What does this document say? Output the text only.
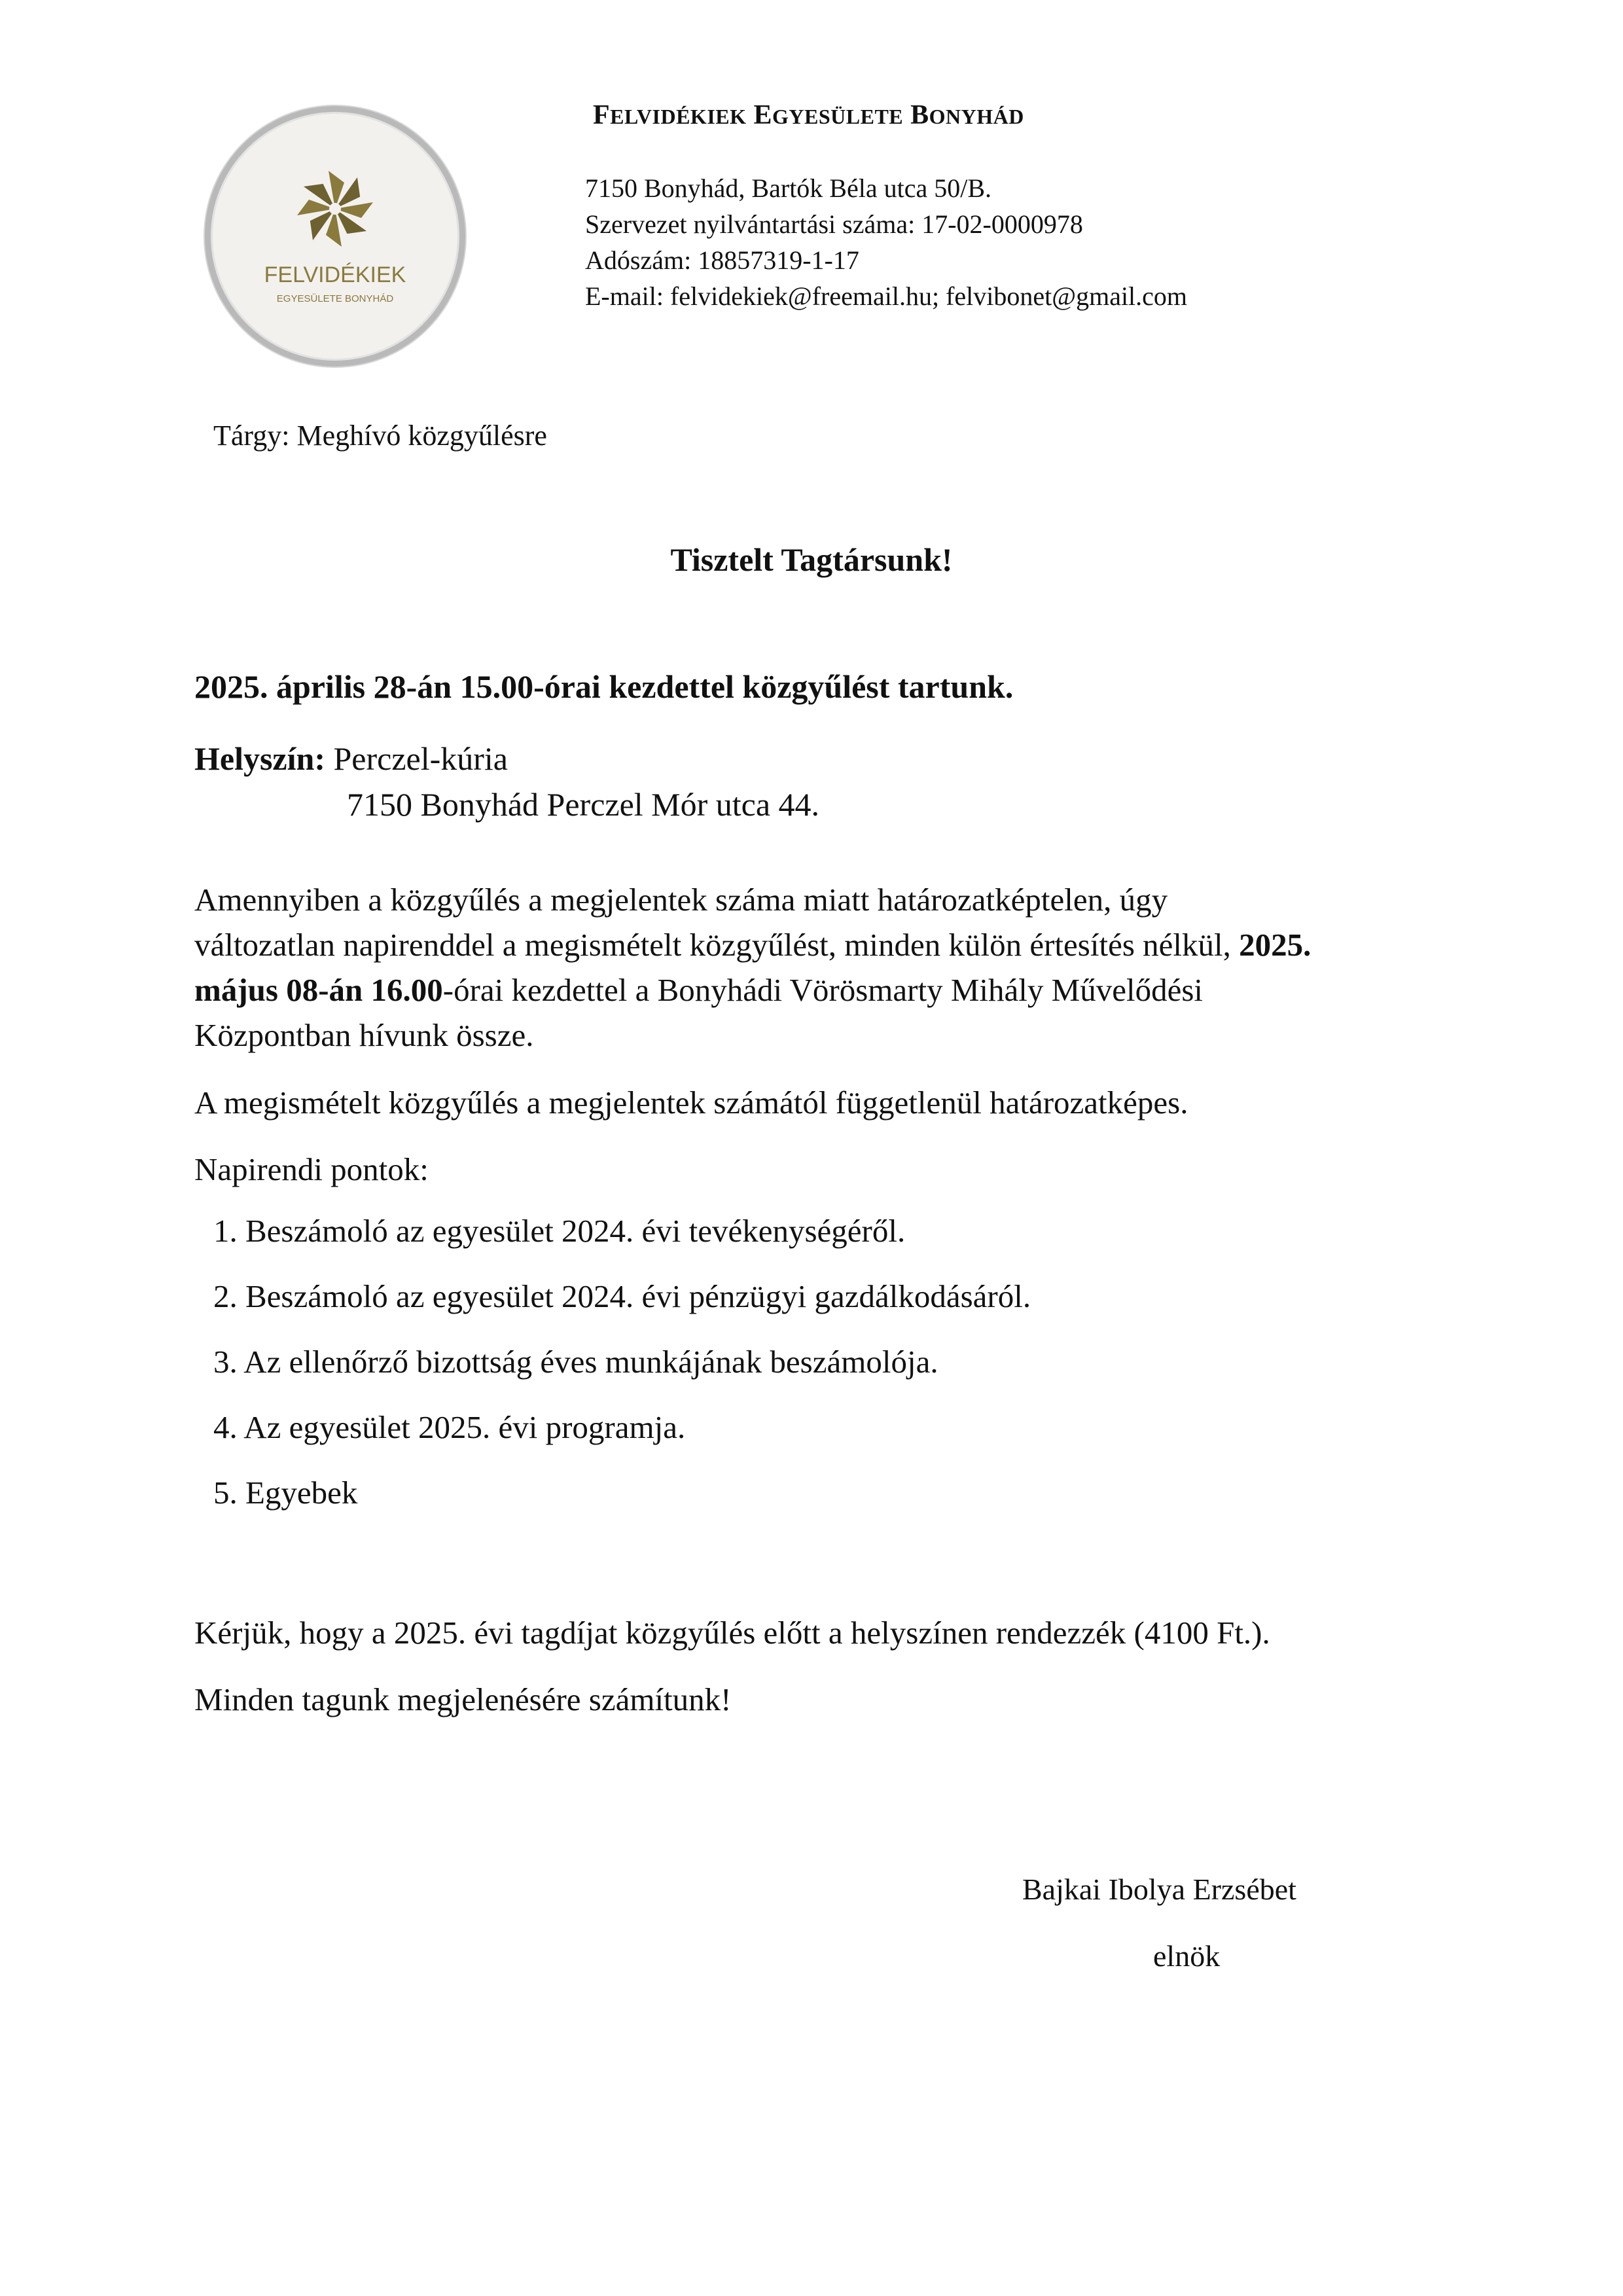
FELVIDÉKIEK
EGYESÜLETE BONYHÁD
FELVIDÉKIEK EGYESÜLETE BONYHÁD
7150 Bonyhád, Bartók Béla utca 50/B.
Szervezet nyilvántartási száma: 17-02-0000978
Adószám: 18857319-1-17
E-mail: felvidekiek@freemail.hu; felvibonet@gmail.com
Tárgy: Meghívó közgyűlésre
Tisztelt Tagtársunk!
2025. április 28-án 15.00-órai kezdettel közgyűlést tartunk.
Helyszín: Perczel-kúria
7150 Bonyhád Perczel Mór utca 44.
Amennyiben a közgyűlés a megjelentek száma miatt határozatképtelen, úgy
változatlan napirenddel a megismételt közgyűlést, minden külön értesítés nélkül, 2025.
május 08-án 16.00-órai kezdettel a Bonyhádi Vörösmarty Mihály Művelődési
Központban hívunk össze.
A megismételt közgyűlés a megjelentek számától függetlenül határozatképes.
Napirendi pontok:
1. Beszámoló az egyesület 2024. évi tevékenységéről.
2. Beszámoló az egyesület 2024. évi pénzügyi gazdálkodásáról.
3. Az ellenőrző bizottság éves munkájának beszámolója.
4. Az egyesület 2025. évi programja.
5. Egyebek
Kérjük, hogy a 2025. évi tagdíjat közgyűlés előtt a helyszínen rendezzék (4100 Ft.).
Minden tagunk megjelenésére számítunk!
Bajkai Ibolya Erzsébet
elnök
